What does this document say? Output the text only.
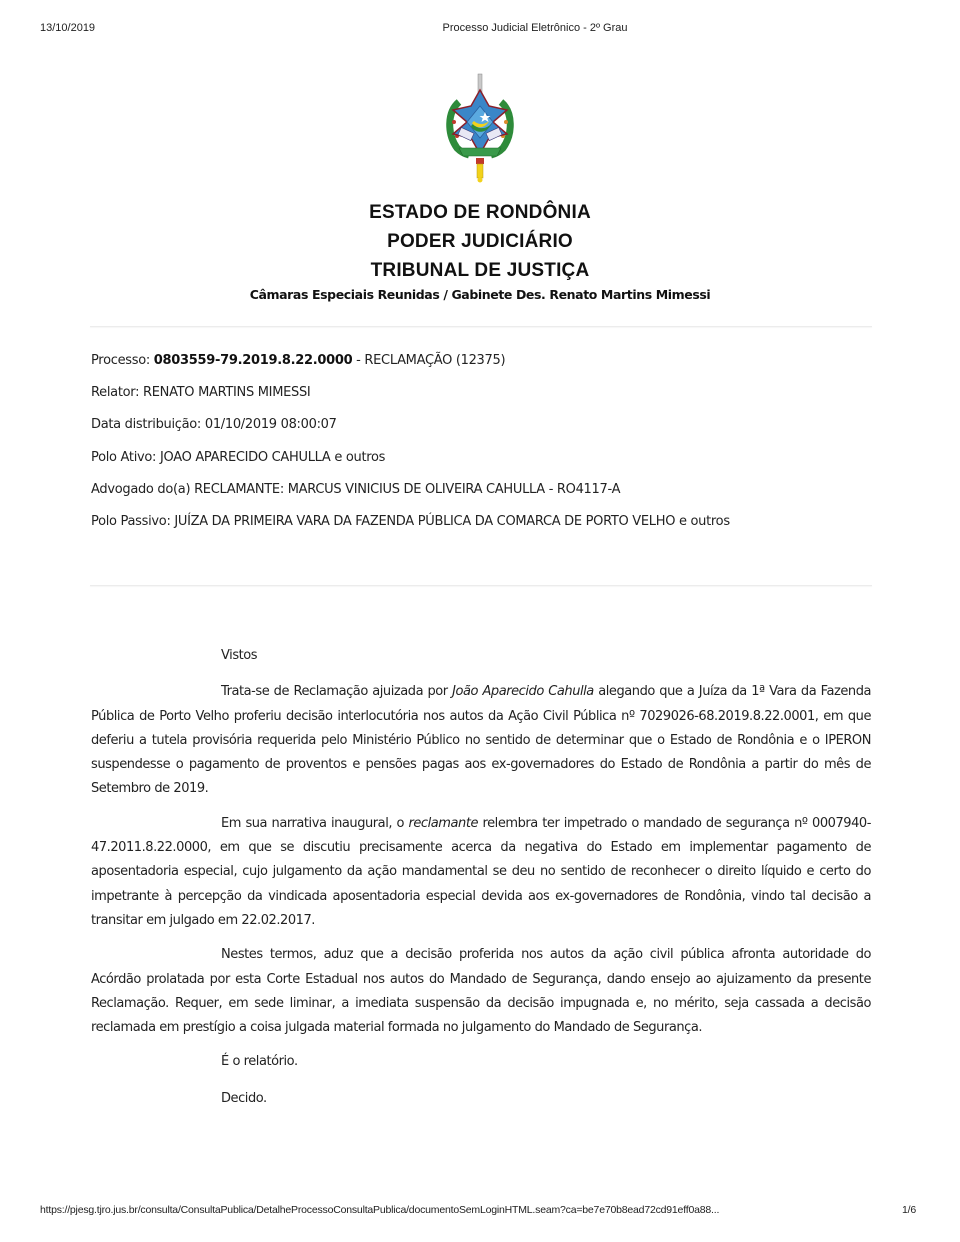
13/10/2019	Processo Judicial Eletrônico - 2º Grau
ESTADO DE RONDÔNIA
PODER JUDICIÁRIO
TRIBUNAL DE JUSTIÇA
Câmaras Especiais Reunidas / Gabinete Des. Renato Martins Mimessi
Processo: 0803559-79.2019.8.22.0000 - RECLAMAÇÃO (12375)
Relator: RENATO MARTINS MIMESSI
Data distribuição: 01/10/2019 08:00:07
Polo Ativo: JOAO APARECIDO CAHULLA e outros
Advogado do(a) RECLAMANTE: MARCUS VINICIUS DE OLIVEIRA CAHULLA - RO4117-A
Polo Passivo: JUÍZA DA PRIMEIRA VARA DA FAZENDA PÚBLICA DA COMARCA DE PORTO VELHO e outros

Vistos

Trata-se de Reclamação ajuizada por João Aparecido Cahulla alegando que a Juíza da 1ª Vara da Fazenda Pública de Porto Velho proferiu decisão interlocutória nos autos da Ação Civil Pública nº 7029026-68.2019.8.22.0001, em que deferiu a tutela provisória requerida pelo Ministério Público no sentido de determinar que o Estado de Rondônia e o IPERON suspendesse o pagamento de proventos e pensões pagas aos ex-governadores do Estado de Rondônia a partir do mês de Setembro de 2019.

Em sua narrativa inaugural, o reclamante relembra ter impetrado o mandado de segurança nº 0007940-47.2011.8.22.0000, em que se discutiu precisamente acerca da negativa do Estado em implementar pagamento de aposentadoria especial, cujo julgamento da ação mandamental se deu no sentido de reconhecer o direito líquido e certo do impetrante à percepção da vindicada aposentadoria especial devida aos ex-governadores de Rondônia, vindo tal decisão a transitar em julgado em 22.02.2017.

Nestes termos, aduz que a decisão proferida nos autos da ação civil pública afronta autoridade do Acórdão prolatada por esta Corte Estadual nos autos do Mandado de Segurança, dando ensejo ao ajuizamento da presente Reclamação. Requer, em sede liminar, a imediata suspensão da decisão impugnada e, no mérito, seja cassada a decisão reclamada em prestígio a coisa julgada material formada no julgamento do Mandado de Segurança.

É o relatório.

Decido.

https://pjesg.tjro.jus.br/consulta/ConsultaPublica/DetalheProcessoConsultaPublica/documentoSemLoginHTML.seam?ca=be7e70b8ead72cd91eff0a88...	1/6
